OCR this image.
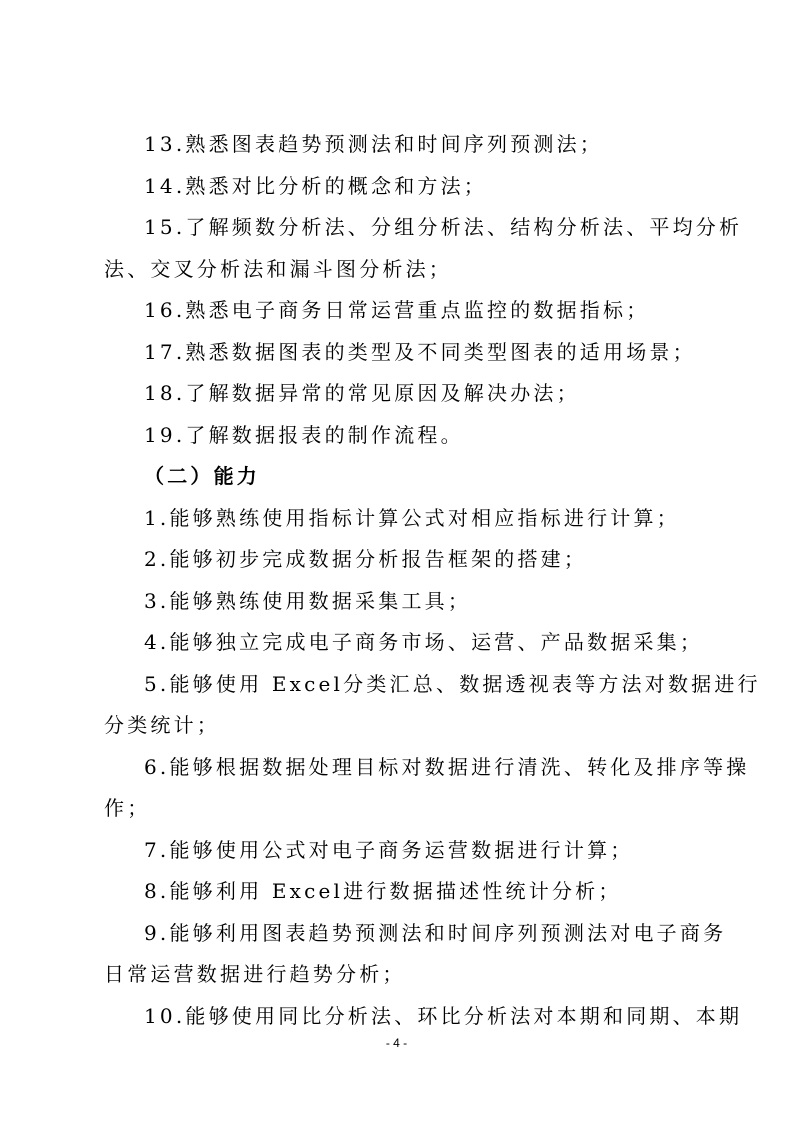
13.熟悉图表趋势预测法和时间序列预测法；
14.熟悉对比分析的概念和方法；
15.了解频数分析法、分组分析法、结构分析法、平均分析
法、交叉分析法和漏斗图分析法；
16.熟悉电子商务日常运营重点监控的数据指标；
17.熟悉数据图表的类型及不同类型图表的适用场景；
18.了解数据异常的常见原因及解决办法；
19.了解数据报表的制作流程。
（二）能力
1.能够熟练使用指标计算公式对相应指标进行计算；
2.能够初步完成数据分析报告框架的搭建；
3.能够熟练使用数据采集工具；
4.能够独立完成电子商务市场、运营、产品数据采集；
5.能够使用 Excel分类汇总、数据透视表等方法对数据进行
分类统计；
6.能够根据数据处理目标对数据进行清洗、转化及排序等操
作；
7.能够使用公式对电子商务运营数据进行计算；
8.能够利用 Excel进行数据描述性统计分析；
9.能够利用图表趋势预测法和时间序列预测法对电子商务
日常运营数据进行趋势分析；
10.能够使用同比分析法、环比分析法对本期和同期、本期
- 4 -
